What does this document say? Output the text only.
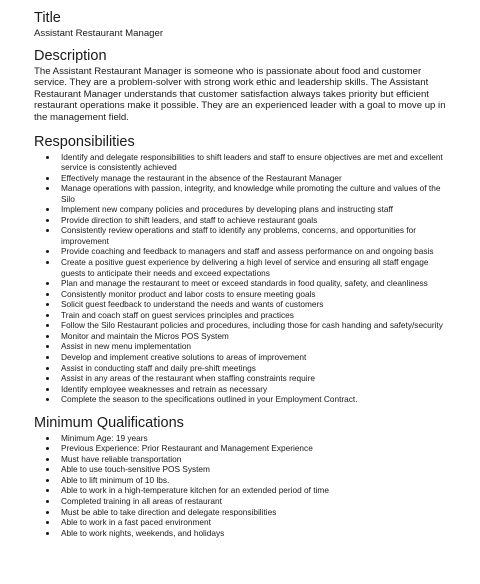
Title

Assistant Restaurant Manager

Description

The Assistant Restaurant Manager is someone who is passionate about food and customer service. They are a problem-solver with strong work ethic and leadership skills. The Assistant Restaurant Manager understands that customer satisfaction always takes priority but efficient restaurant operations make it possible. They are an experienced leader with a goal to move up in the management field.

Responsibilities
Identify and delegate responsibilities to shift leaders and staff to ensure objectives are met and excellent service is consistently achieved
Effectively manage the restaurant in the absence of the Restaurant Manager
Manage operations with passion, integrity, and knowledge while promoting the culture and values of the Silo
Implement new company policies and procedures by developing plans and instructing staff
Provide direction to shift leaders, and staff to achieve restaurant goals
Consistently review operations and staff to identify any problems, concerns, and opportunities for improvement
Provide coaching and feedback to managers and staff and assess performance on and ongoing basis
Create a positive guest experience by delivering a high level of service and ensuring all staff engage guests to anticipate their needs and exceed expectations
Plan and manage the restaurant to meet or exceed standards in food quality, safety, and cleanliness
Consistently monitor product and labor costs to ensure meeting goals
Solicit guest feedback to understand the needs and wants of customers
Train and coach staff on guest services principles and practices
Follow the Silo Restaurant policies and procedures, including those for cash handing and safety/security
Monitor and maintain the Micros POS System
Assist in new menu implementation
Develop and implement creative solutions to areas of improvement
Assist in conducting staff and daily pre-shift meetings
Assist in any areas of the restaurant when staffing constraints require
Identify employee weaknesses and retrain as necessary
Complete the season to the specifications outlined in your Employment Contract.
Minimum Qualifications
Minimum Age: 19 years
Previous Experience: Prior Restaurant and Management Experience
Must have reliable transportation
Able to use touch-sensitive POS System
Able to lift minimum of 10 lbs.
Able to work in a high-temperature kitchen for an extended period of time
Completed training in all areas of restaurant
Must be able to take direction and delegate responsibilities
Able to work in a fast paced environment
Able to work nights, weekends, and holidays
